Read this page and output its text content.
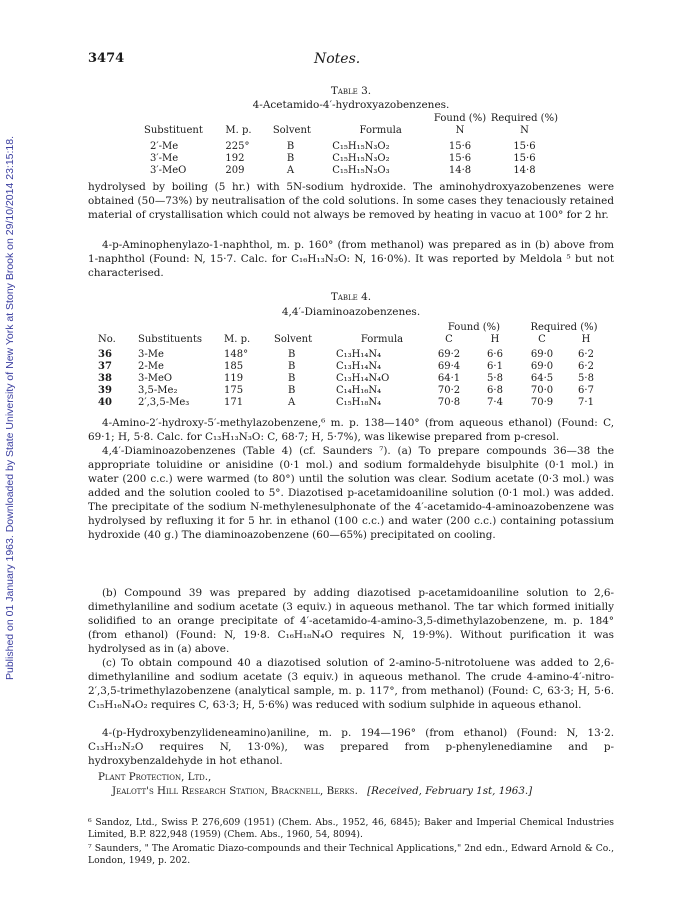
Published on 01 January 1963. Downloaded by State University of New York at Stony Brook on 29/10/2014 23:15:18.
3474	Notes.
Table 3.
4-Acetamido-4′-hydroxyazobenzenes.
				Found (%)	Required (%)
Substituent	M. p.	Solvent	Formula	N	N

2′-Me	225°	B	C₁₅H₁₅N₃O₂	15·6	15·6
3′-Me	192	B	C₁₅H₁₅N₃O₂	15·6	15·6
3′-MeO	209	A	C₁₅H₁₅N₃O₃	14·8	14·8

hydrolysed by boiling (5 hr.) with 5N-sodium hydroxide. The aminohydroxyazobenzenes were obtained (50—73%) by neutralisation of the cold solutions. In some cases they tenaciously retained material of crystallisation which could not always be removed by heating in vacuo at 100° for 2 hr.

4-p-Aminophenylazo-1-naphthol, m. p. 160° (from methanol) was prepared as in (b) above from 1-naphthol (Found: N, 15·7. Calc. for C₁₆H₁₃N₃O: N, 16·0%). It was reported by Meldola ⁵ but not characterised.

Table 4.
4,4′-Diaminoazobenzenes.
					Found (%)		Required (%)	
No.	Substituents	M. p.	Solvent	Formula	C	H	C	H

36	3-Me	148°	B	C₁₃H₁₄N₄	69·2	6·6	69·0	6·2
37	2-Me	185	B	C₁₃H₁₄N₄	69·4	6·1	69·0	6·2
38	3-MeO	119	B	C₁₃H₁₄N₄O	64·1	5·8	64·5	5·8
39	3,5-Me₂	175	B	C₁₄H₁₆N₄	70·2	6·8	70·0	6·7
40	2′,3,5-Me₃	171	A	C₁₅H₁₈N₄	70·8	7·4	70·9	7·1

4-Amino-2′-hydroxy-5′-methylazobenzene,⁶ m. p. 138—140° (from aqueous ethanol) (Found: C, 69·1; H, 5·8. Calc. for C₁₃H₁₃N₃O: C, 68·7; H, 5·7%), was likewise prepared from p-cresol.

4,4′-Diaminoazobenzenes (Table 4) (cf. Saunders ⁷). (a) To prepare compounds 36—38 the appropriate toluidine or anisidine (0·1 mol.) and sodium formaldehyde bisulphite (0·1 mol.) in water (200 c.c.) were warmed (to 80°) until the solution was clear. Sodium acetate (0·3 mol.) was added and the solution cooled to 5°. Diazotised p-acetamidoaniline solution (0·1 mol.) was added. The precipitate of the sodium N-methylenesulphonate of the 4′-acetamido-4-aminoazobenzene was hydrolysed by refluxing it for 5 hr. in ethanol (100 c.c.) and water (200 c.c.) containing potassium hydroxide (40 g.) The diaminoazobenzene (60—65%) precipitated on cooling.

(b) Compound 39 was prepared by adding diazotised p-acetamidoaniline solution to 2,6-dimethylaniline and sodium acetate (3 equiv.) in aqueous methanol. The tar which formed initially solidified to an orange precipitate of 4′-acetamido-4-amino-3,5-dimethylazobenzene, m. p. 184° (from ethanol) (Found: N, 19·8. C₁₆H₁₈N₄O requires N, 19·9%). Without purification it was hydrolysed as in (a) above.

(c) To obtain compound 40 a diazotised solution of 2-amino-5-nitrotoluene was added to 2,6-dimethylaniline and sodium acetate (3 equiv.) in aqueous methanol. The crude 4-amino-4′-nitro-2′,3,5-trimethylazobenzene (analytical sample, m. p. 117°, from methanol) (Found: C, 63·3; H, 5·6. C₁₅H₁₆N₄O₂ requires C, 63·3; H, 5·6%) was reduced with sodium sulphide in aqueous ethanol.

4-(p-Hydroxybenzylideneamino)aniline, m. p. 194—196° (from ethanol) (Found: N, 13·2. C₁₃H₁₂N₂O requires N, 13·0%), was prepared from p-phenylenediamine and p-hydroxybenzaldehyde in hot ethanol.

Plant Protection, Ltd.,
Jealott's Hill Research Station, Bracknell, Berks. [Received, February 1st, 1963.]

⁶ Sandoz, Ltd., Swiss P. 276,609 (1951) (Chem. Abs., 1952, 46, 6845); Baker and Imperial Chemical Industries Limited, B.P. 822,948 (1959) (Chem. Abs., 1960, 54, 8094).

⁷ Saunders, " The Aromatic Diazo-compounds and their Technical Applications," 2nd edn., Edward Arnold & Co., London, 1949, p. 202.
